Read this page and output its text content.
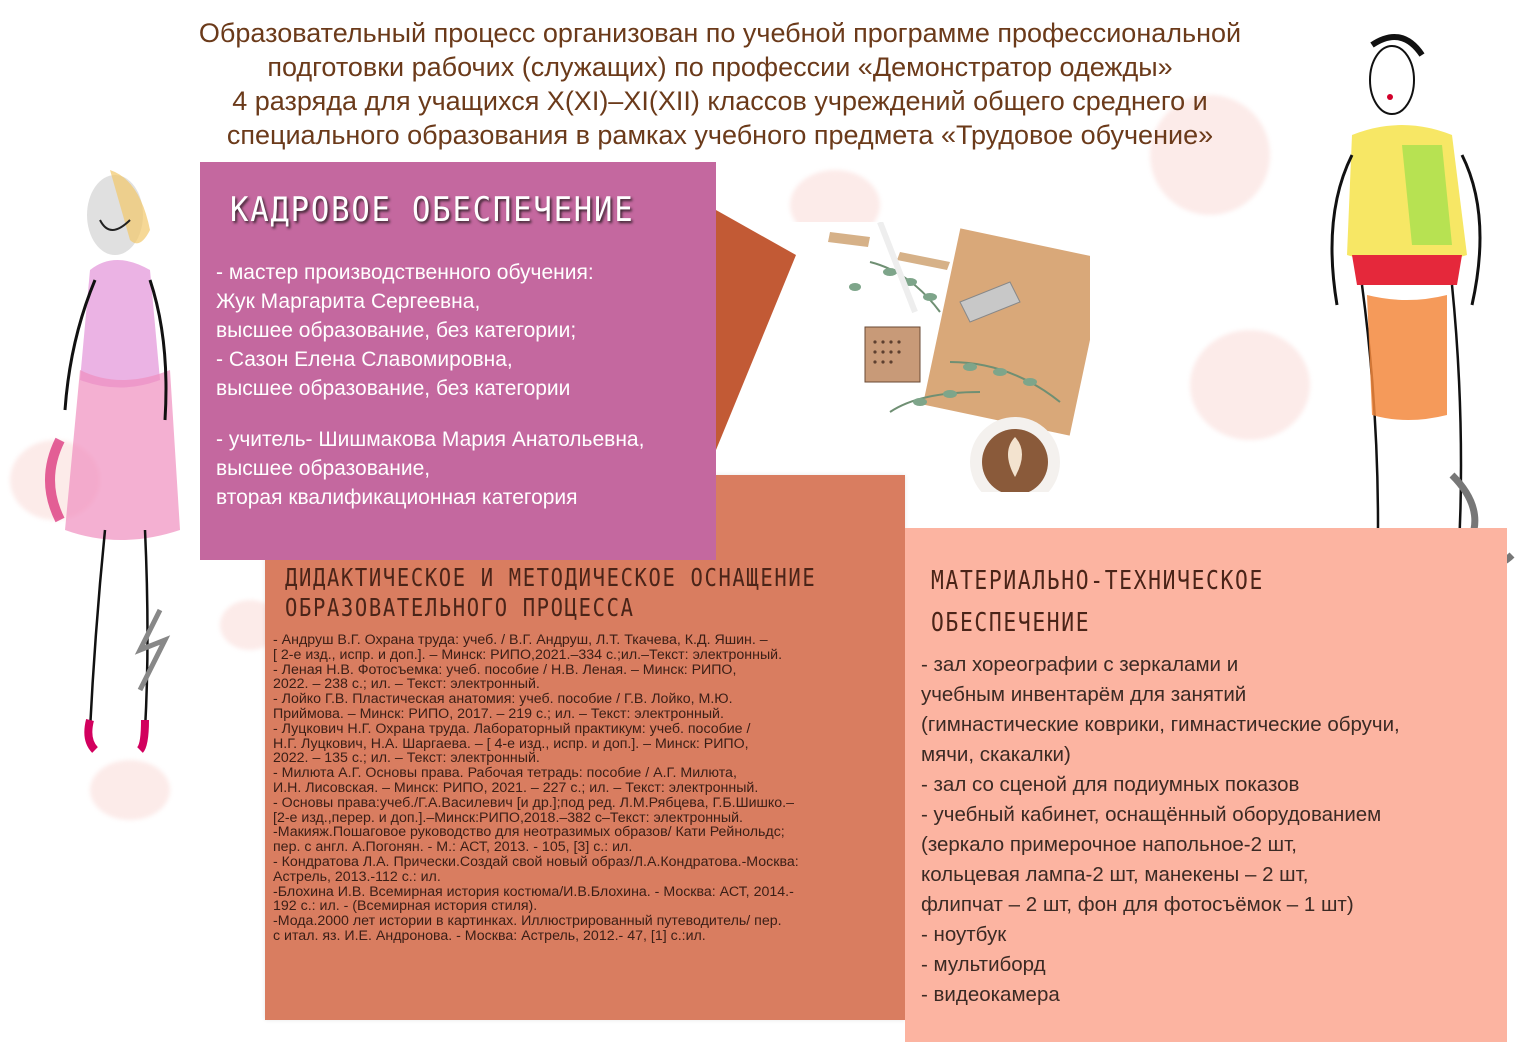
Образовательный процесс организован по учебной программе профессиональной
подготовки рабочих (служащих) по профессии «Демонстратор одежды»
4 разряда для учащихся X(XI)–XI(XII) классов учреждений общего среднего и
специального образования в рамках учебного предмета «Трудовое обучение»
ДИДАКТИЧЕСКОЕ И МЕТОДИЧЕСКОЕ ОСНАЩЕНИЕ
ОБРАЗОВАТЕЛЬНОГО ПРОЦЕССА
- Андруш В.Г. Охрана труда: учеб. / В.Г. Андруш, Л.Т. Ткачева, К.Д. Яшин. –
[ 2-е изд., испр. и доп.]. – Минск: РИПО,2021.–334 с.;ил.–Текст: электронный.
- Леная Н.В. Фотосъемка: учеб. пособие / Н.В. Леная. – Минск: РИПО,
2022. – 238 с.; ил. – Текст: электронный.
- Лойко Г.В. Пластическая анатомия: учеб. пособие / Г.В. Лойко, М.Ю.
Приймова. – Минск: РИПО, 2017. – 219 с.; ил. – Текст: электронный.
- Луцкович Н.Г. Охрана труда. Лабораторный практикум: учеб. пособие /
Н.Г. Луцкович, Н.А. Шаргаева. – [ 4-е изд., испр. и доп.]. – Минск: РИПО,
2022. – 135 с.; ил. – Текст: электронный.
- Милюта А.Г. Основы права. Рабочая тетрадь: пособие / А.Г. Милюта,
И.Н. Лисовская. – Минск: РИПО, 2021. – 227 с.; ил. – Текст: электронный.
- Основы права:учеб./Г.А.Василевич [и др.];под ред. Л.М.Рябцева, Г.Б.Шишко.–
[2-е изд.,перер. и доп.].–Минск:РИПО,2018.–382 с–Текст: электронный.
-Макияж.Пошаговое руководство для неотразимых образов/ Кати Рейнольдс;
пер. с англ. А.Погонян. - М.: АСТ, 2013. - 105, [3] с.: ил.
- Кондратова Л.А. Прически.Создай свой новый образ/Л.А.Кондратова.-Москва:
Астрель, 2013.-112 с.: ил.
-Блохина И.В. Всемирная история костюма/И.В.Блохина. - Москва: АСТ, 2014.-
192 с.: ил. - (Всемирная история стиля).
-Мода.2000 лет истории в картинках. Иллюстрированный путеводитель/ пер.
с итал. яз. И.Е. Андронова. - Москва: Астрель, 2012.- 47, [1] с.:ил.
КАДРОВОЕ ОБЕСПЕЧЕНИЕ
- мастер производственного обучения:
Жук Маргарита Сергеевна,
высшее образование, без категории;
- Сазон Елена Славомировна,
высшее образование, без категории
- учитель- Шишмакова Мария Анатольевна,
высшее образование,
вторая квалификационная категория
МАТЕРИАЛЬНО-ТЕХНИЧЕСКОЕ
ОБЕСПЕЧЕНИЕ
- зал хореографии с зеркалами и
учебным инвентарём для занятий
(гимнастические коврики, гимнастические обручи,
мячи, скакалки)
- зал со сценой для подиумных показов
- учебный кабинет, оснащённый оборудованием
(зеркало примерочное напольное-2 шт,
кольцевая лампа-2 шт, манекены – 2 шт,
флипчат – 2 шт, фон для фотосъёмок – 1 шт)
- ноутбук
- мультиборд
- видеокамера
